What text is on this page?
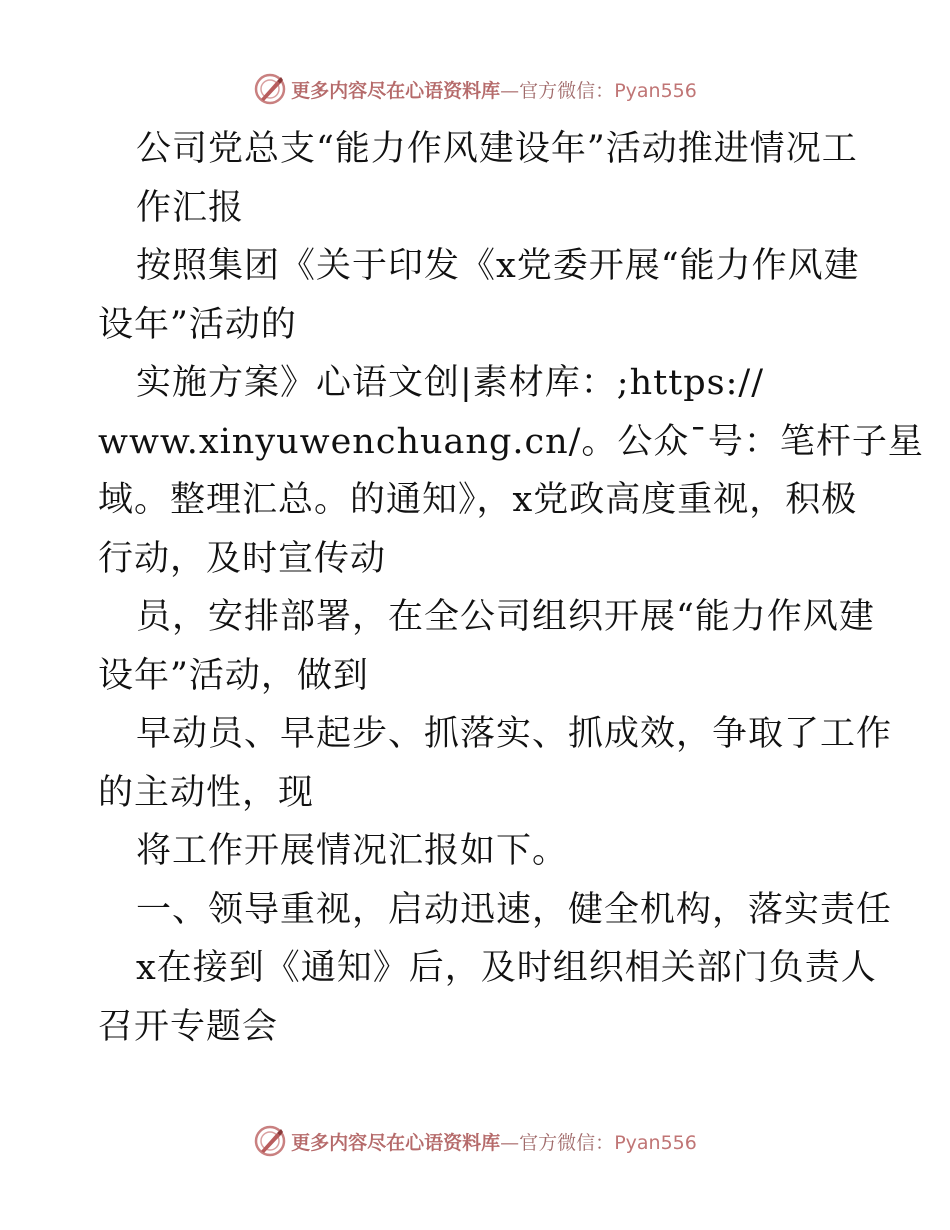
更多内容尽在心语资料库—官方微信：Pyan556
公司党总支“能力作风建设年”活动推进情况工
作汇报
按照集团《关于印发《x党委开展“能力作风建
设年”活动的
实施方案》心语文创|素材库：;https://
www.xinyuwenchuang.cn/。公众¯号：笔杆子星
域。整理汇总。的通知》，x党政高度重视，积极
行动，及时宣传动
员，安排部署，在全公司组织开展“能力作风建
设年”活动，做到
早动员、早起步、抓落实、抓成效，争取了工作
的主动性，现
将工作开展情况汇报如下。
一、领导重视，启动迅速，健全机构，落实责任
x在接到《通知》后，及时组织相关部门负责人
召开专题会
更多内容尽在心语资料库—官方微信：Pyan556
